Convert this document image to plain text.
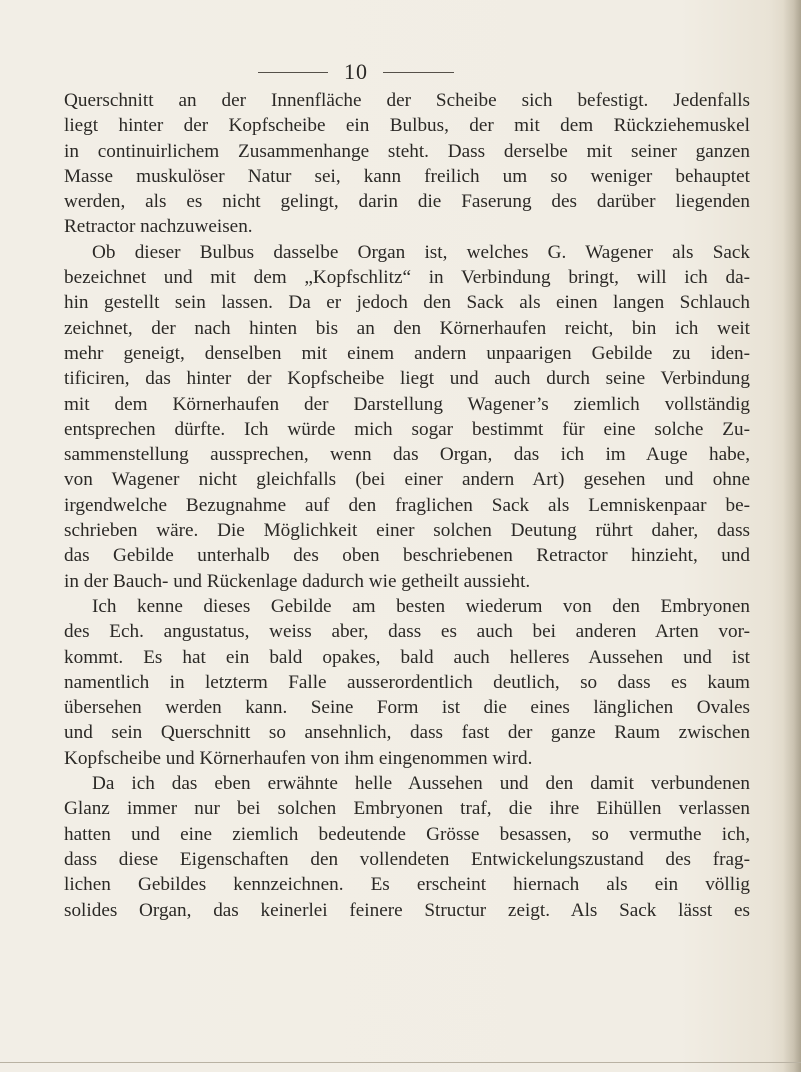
10
Querschnitt an der Innenfläche der Scheibe sich befestigt. Jedenfalls
liegt hinter der Kopfscheibe ein Bulbus, der mit dem Rückziehemuskel
in continuirlichem Zusammenhange steht. Dass derselbe mit seiner ganzen
Masse muskulöser Natur sei, kann freilich um so weniger behauptet
werden, als es nicht gelingt, darin die Faserung des darüber liegenden
Retractor nachzuweisen.
Ob dieser Bulbus dasselbe Organ ist, welches G. Wagener als Sack
bezeichnet und mit dem „Kopfschlitz“ in Verbindung bringt, will ich da-
hin gestellt sein lassen. Da er jedoch den Sack als einen langen Schlauch
zeichnet, der nach hinten bis an den Körnerhaufen reicht, bin ich weit
mehr geneigt, denselben mit einem andern unpaarigen Gebilde zu iden-
tificiren, das hinter der Kopfscheibe liegt und auch durch seine Verbindung
mit dem Körnerhaufen der Darstellung Wagener’s ziemlich vollständig
entsprechen dürfte. Ich würde mich sogar bestimmt für eine solche Zu-
sammenstellung aussprechen, wenn das Organ, das ich im Auge habe,
von Wagener nicht gleichfalls (bei einer andern Art) gesehen und ohne
irgendwelche Bezugnahme auf den fraglichen Sack als Lemniskenpaar be-
schrieben wäre. Die Möglichkeit einer solchen Deutung rührt daher, dass
das Gebilde unterhalb des oben beschriebenen Retractor hinzieht, und
in der Bauch- und Rückenlage dadurch wie getheilt aussieht.
Ich kenne dieses Gebilde am besten wiederum von den Embryonen
des Ech. angustatus, weiss aber, dass es auch bei anderen Arten vor-
kommt. Es hat ein bald opakes, bald auch helleres Aussehen und ist
namentlich in letzterm Falle ausserordentlich deutlich, so dass es kaum
übersehen werden kann. Seine Form ist die eines länglichen Ovales
und sein Querschnitt so ansehnlich, dass fast der ganze Raum zwischen
Kopfscheibe und Körnerhaufen von ihm eingenommen wird.
Da ich das eben erwähnte helle Aussehen und den damit verbundenen
Glanz immer nur bei solchen Embryonen traf, die ihre Eihüllen verlassen
hatten und eine ziemlich bedeutende Grösse besassen, so vermuthe ich,
dass diese Eigenschaften den vollendeten Entwickelungszustand des frag-
lichen Gebildes kennzeichnen. Es erscheint hiernach als ein völlig
solides Organ, das keinerlei feinere Structur zeigt. Als Sack lässt es
